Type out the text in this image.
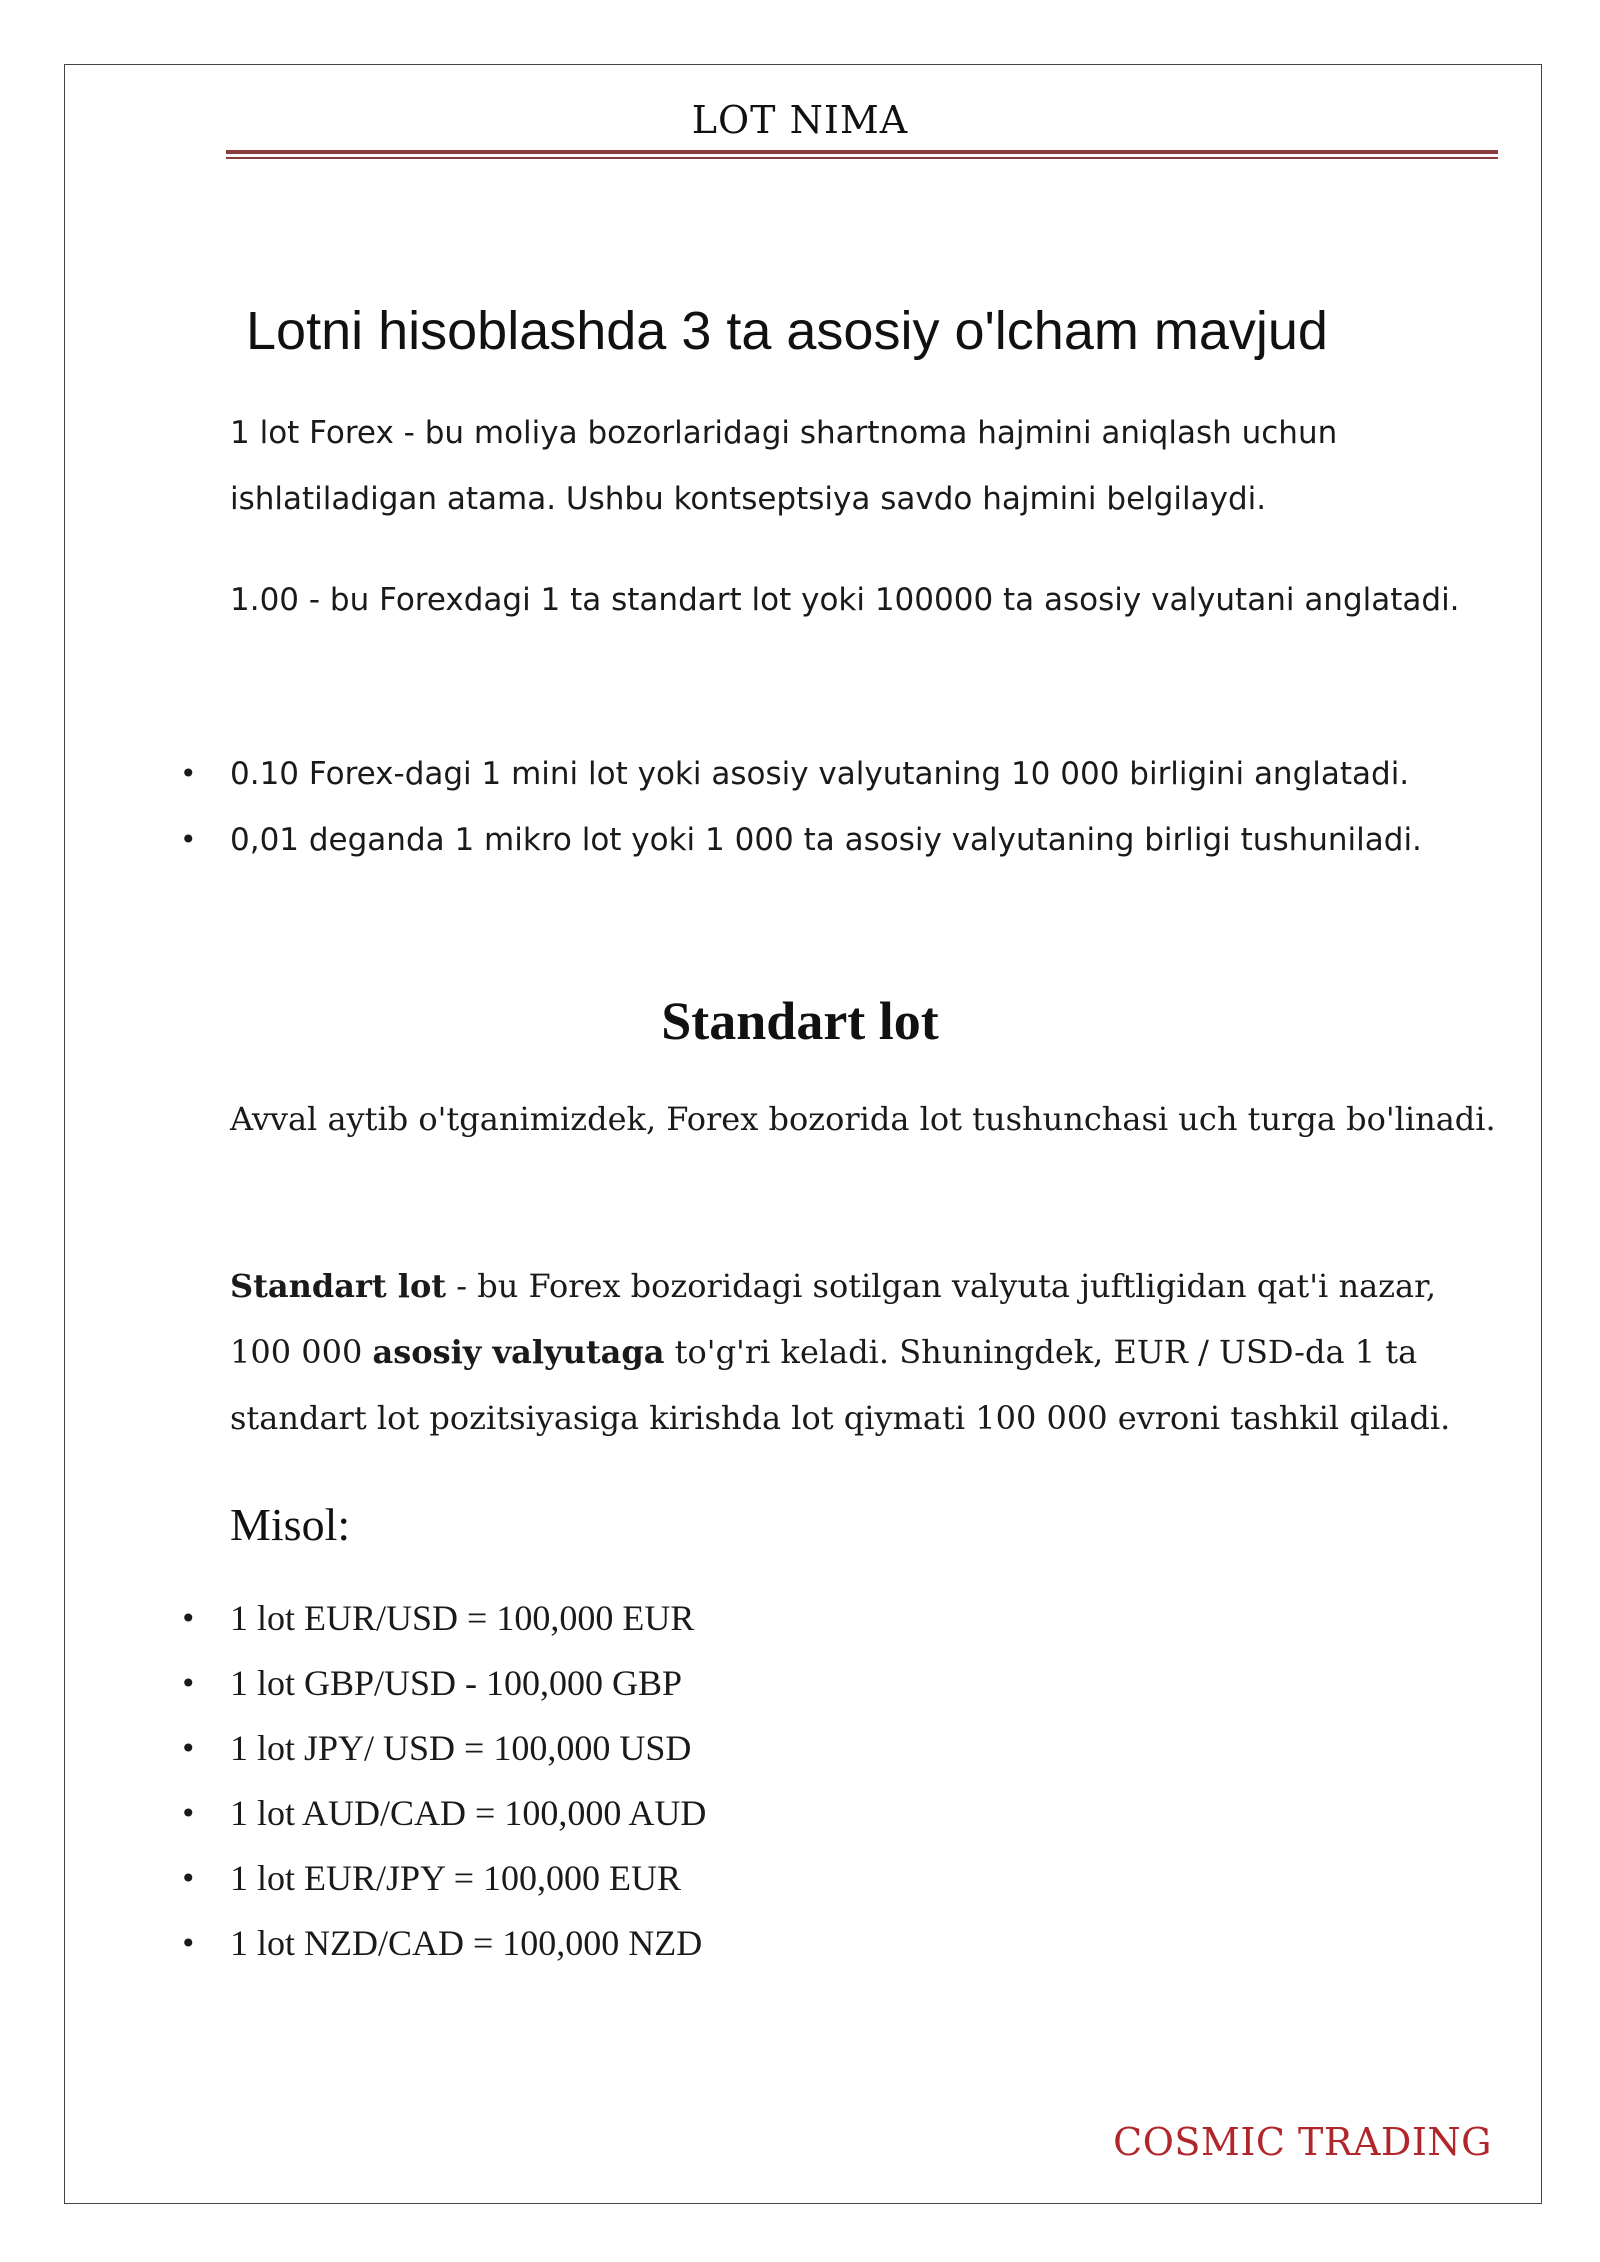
LOT NIMA
Lotni hisoblashda 3 ta asosiy o'lcham mavjud
1 lot Forex - bu moliya bozorlaridagi shartnoma hajmini aniqlash uchun ishlatiladigan atama. Ushbu kontseptsiya savdo hajmini belgilaydi.
1.00 - bu Forexdagi 1 ta standart lot yoki 100000 ta asosiy valyutani anglatadi.
• 0.10 Forex-dagi 1 mini lot yoki asosiy valyutaning 10 000 birligini anglatadi.
• 0,01 deganda 1 mikro lot yoki 1 000 ta asosiy valyutaning birligi tushuniladi.
Standart lot
Avval aytib o'tganimizdek, Forex bozorida lot tushunchasi uch turga bo'linadi.
Standart lot - bu Forex bozoridagi sotilgan valyuta juftligidan qat'i nazar, 100 000 asosiy valyutaga to'g'ri keladi. Shuningdek, EUR / USD-da 1 ta standart lot pozitsiyasiga kirishda lot qiymati 100 000 evroni tashkil qiladi.
Misol:
• 1 lot EUR/USD = 100,000 EUR
• 1 lot GBP/USD - 100,000 GBP
• 1 lot JPY/ USD = 100,000 USD
• 1 lot AUD/CAD = 100,000 AUD
• 1 lot EUR/JPY = 100,000 EUR
• 1 lot NZD/CAD = 100,000 NZD
COSMIC TRADING
